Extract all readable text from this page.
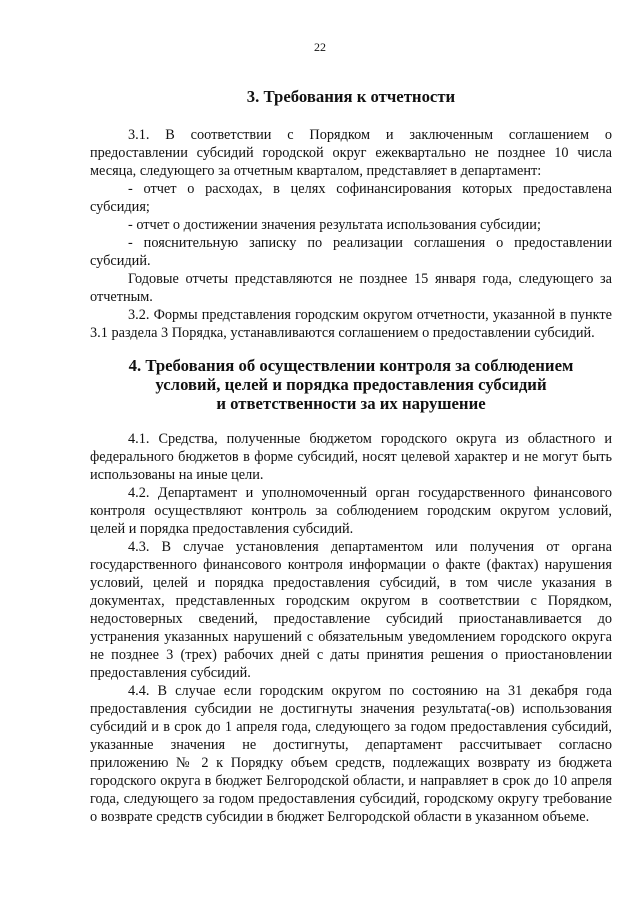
22
3. Требования к отчетности

3.1. В соответствии с Порядком и заключенным соглашением о предоставлении субсидий городской округ ежеквартально не позднее 10 числа месяца, следующего за отчетным кварталом, представляет в департамент:

- отчет о расходах, в целях софинансирования которых предоставлена субсидия;

- отчет о достижении значения результата использования субсидии;

- пояснительную записку по реализации соглашения о предоставлении субсидий.

Годовые отчеты представляются не позднее 15 января года, следующего за отчетным.

3.2. Формы представления городским округом отчетности, указанной в пункте 3.1 раздела 3 Порядка, устанавливаются соглашением о предоставлении субсидий.

4. Требования об осуществлении контроля за соблюдением
условий, целей и порядка предоставления субсидий
и ответственности за их нарушение

4.1. Средства, полученные бюджетом городского округа из областного и федерального бюджетов в форме субсидий, носят целевой характер и не могут быть использованы на иные цели.

4.2. Департамент и уполномоченный орган государственного финансового контроля осуществляют контроль за соблюдением городским округом условий, целей и порядка предоставления субсидий.

4.3. В случае установления департаментом или получения от органа государственного финансового контроля информации о факте (фактах) нарушения условий, целей и порядка предоставления субсидий, в том числе указания в документах, представленных городским округом в соответствии с Порядком, недостоверных сведений, предоставление субсидий приостанавливается до устранения указанных нарушений с обязательным уведомлением городского округа не позднее 3 (трех) рабочих дней с даты принятия решения о приостановлении предоставления субсидий.

4.4. В случае если городским округом по состоянию на 31 декабря года предоставления субсидии не достигнуты значения результата(-ов) использования субсидий и в срок до 1 апреля года, следующего за годом предоставления субсидий, указанные значения не достигнуты, департамент рассчитывает согласно приложению № 2 к Порядку объем средств, подлежащих возврату из бюджета городского округа в бюджет Белгородской области, и направляет в срок до 10 апреля года, следующего за годом предоставления субсидий, городскому округу требование о возврате средств субсидии в бюджет Белгородской области в указанном объеме.
